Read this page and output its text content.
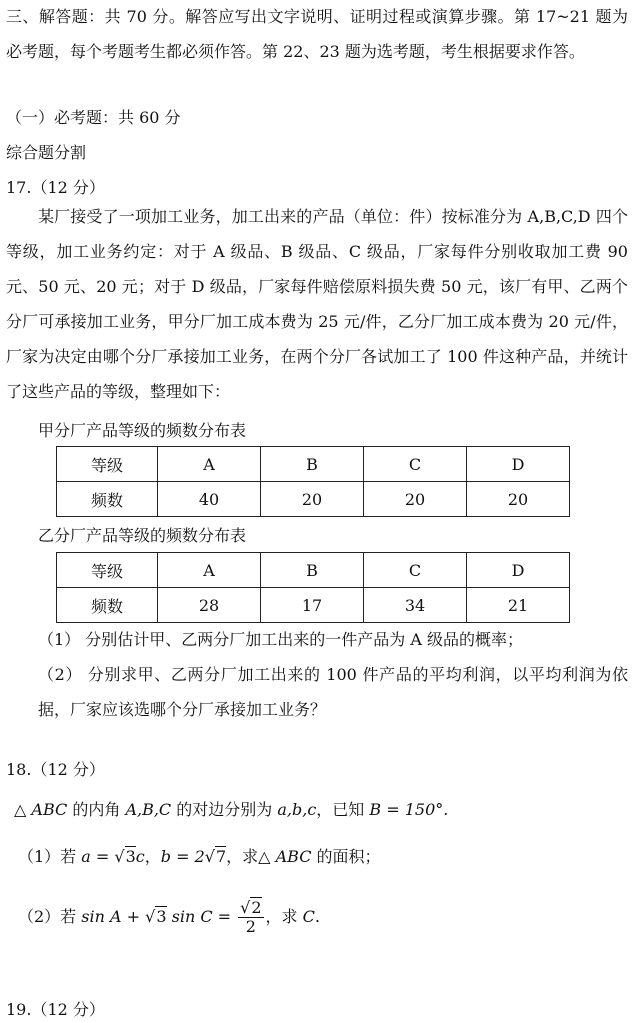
三、解答题：共 70 分。解答应写出文字说明、证明过程或演算步骤。第 17~21 题为必考题，每个考题考生都必须作答。第 22、23 题为选考题，考生根据要求作答。
（一）必考题：共 60 分
综合题分割
17.（12 分）
某厂接受了一项加工业务，加工出来的产品（单位：件）按标准分为 A,B,C,D 四个等级，加工业务约定：对于 A 级品、B 级品、C 级品，厂家每件分别收取加工费 90 元、50 元、20 元；对于 D 级品，厂家每件赔偿原料损失费 50 元，该厂有甲、乙两个分厂可承接加工业务，甲分厂加工成本费为 25 元/件，乙分厂加工成本费为 20 元/件，厂家为决定由哪个分厂承接加工业务，在两个分厂各试加工了 100 件这种产品，并统计了这些产品的等级，整理如下：
甲分厂产品等级的频数分布表
等级	A	B	C	D
频数	40	20	20	20
乙分厂产品等级的频数分布表
等级	A	B	C	D
频数	28	17	34	21
（1） 分别估计甲、乙两分厂加工出来的一件产品为 A 级品的概率；
（2） 分别求甲、乙两分厂加工出来的 100 件产品的平均利润，以平均利润为依据，厂家应该选哪个分厂承接加工业务？
18.（12 分）
△ ABC 的内角 A,B,C 的对边分别为 a,b,c，已知 B = 150°.
（1）若 a = √3c，b = 2√7，求△ ABC 的面积；
（2）若 sin A + √3 $\sin C = \frac{√2}{2}$ ，求 C.
19.（12 分）
